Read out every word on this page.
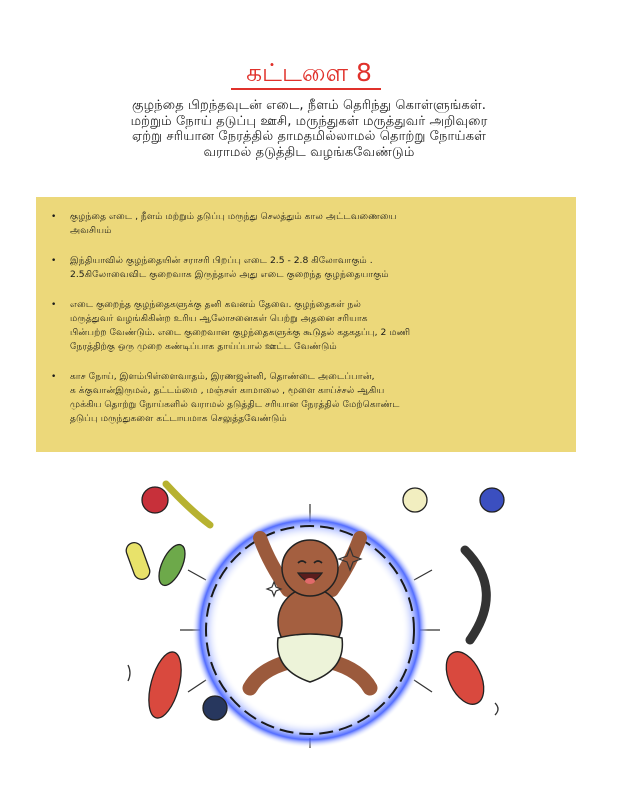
கட்டளை 8
குழந்தை பிறந்தவுடன் எடை, நீளம் தெரிந்து கொள்ளுங்கள்.
மற்றும் நோய் தடுப்பு ஊசி, மருந்துகள் மருத்துவர் அறிவுரை
ஏற்று சரியான நேரத்தில் தாமதமில்லாமல் தொற்று நோய்கள்
வராமல் தடுத்திட வழங்கவேண்டும்
• குழந்தை எடை , நீளம் மற்றும் தடுப்பு மருந்து செலத்தும் கால அட்டவணையை
அவசியம்
• இந்தியாவில் குழந்தையின் சராசரி பிறப்பு எடை 2.5 - 2.8 கிலோவாகும் .
2.5கிலோவைவிட குறைவாக இருந்தால் அது எடை குறைந்த குழந்தையாகும்
• எடை குறைந்த குழந்தைகளுக்கு தனி கவனம் தேவை. குழந்தைகள் நல்
மருத்துவர் வழங்கிகின்ற உரிய ஆலோசனைகள் பெற்று அதனை சரியாக
பின்பற்ற வேண்டும். எடை குறைவான குழந்தைகளுக்கு கூடுதல் கதகதப்பு, 2 மணி
நேரத்திற்கு ஒரு முறை கண்டிப்பாக தாய்ப்பால் ஊட்ட வேண்டும்
• காச நோய், இளம்பிள்ளைவாதம், இரணஜன்னி, தொண்டை அடைப்பான்,
க க்குவான்இருமல், தட்டம்மை , மஞ்சள் காமாலை , மூளை காய்ச்சல் ஆகிய
முக்கிய தொற்று நோய்களில் வராமல் தடுத்திட சரியான நேரத்தில் மேற்கொண்ட
தடுப்பு மருந்துகளை கட்டாயமாக செலுத்தவேண்டும்
